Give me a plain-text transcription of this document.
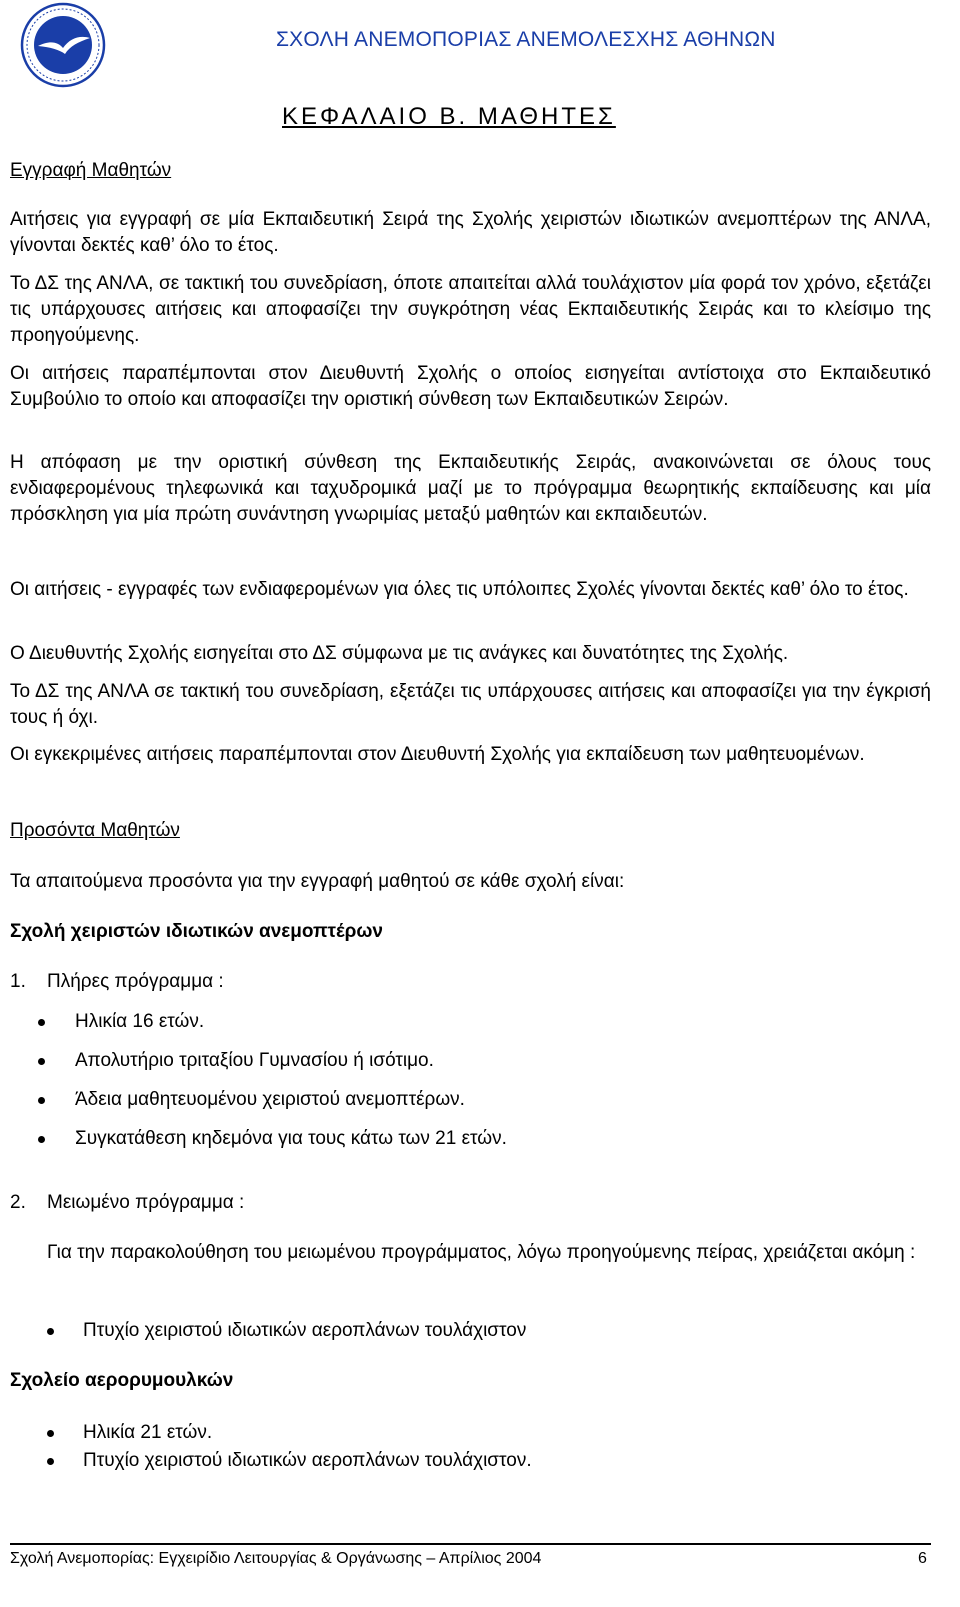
ΣΧΟΛΗ ΑΝΕΜΟΠΟΡΙΑΣ ΑΝΕΜΟΛΕΣΧΗΣ ΑΘΗΝΩΝ
ΚΕΦΑΛΑΙΟ Β. ΜΑΘΗΤΕΣ
Εγγραφή Μαθητών

Αιτήσεις για εγγραφή σε μία Εκπαιδευτική Σειρά της Σχολής χειριστών ιδιωτικών ανεμοπτέρων της ΑΝΛΑ, γίνονται δεκτές καθ’ όλο το έτος.

Το ΔΣ της ΑΝΛΑ, σε τακτική του συνεδρίαση, όποτε απαιτείται αλλά τουλάχιστον μία φορά τον χρόνο, εξετάζει τις υπάρχουσες αιτήσεις και αποφασίζει την συγκρότηση νέας Εκπαιδευτικής Σειράς και το κλείσιμο της προηγούμενης.

Οι αιτήσεις παραπέμπονται στον Διευθυντή Σχολής ο οποίος εισηγείται αντίστοιχα στο Εκπαιδευτικό Συμβούλιο το οποίο και αποφασίζει την οριστική σύνθεση των Εκπαιδευτικών Σειρών.

Η απόφαση με την οριστική σύνθεση της Εκπαιδευτικής Σειράς, ανακοινώνεται σε όλους τους ενδιαφερομένους τηλεφωνικά και ταχυδρομικά μαζί με το πρόγραμμα θεωρητικής εκπαίδευσης και μία πρόσκληση για μία πρώτη συνάντηση γνωριμίας μεταξύ μαθητών και εκπαιδευτών.

Οι αιτήσεις - εγγραφές των ενδιαφερομένων για όλες τις υπόλοιπες Σχολές γίνονται δεκτές καθ’ όλο το έτος.

Ο Διευθυντής Σχολής εισηγείται στο ΔΣ σύμφωνα με τις ανάγκες και δυνατότητες της Σχολής.

Το ΔΣ της ΑΝΛΑ σε τακτική του συνεδρίαση, εξετάζει τις υπάρχουσες αιτήσεις και αποφασίζει για την έγκρισή τους ή όχι.

Οι εγκεκριμένες αιτήσεις παραπέμπονται στον Διευθυντή Σχολής για εκπαίδευση των μαθητευομένων.

Προσόντα Μαθητών

Τα απαιτούμενα προσόντα για την εγγραφή μαθητού σε κάθε σχολή είναι:

Σχολή χειριστών ιδιωτικών ανεμοπτέρων
1. Πλήρες πρόγραμμα :
Ηλικία 16 ετών.
Απολυτήριο τριταξίου Γυμνασίου ή ισότιμο.
Άδεια μαθητευομένου χειριστού ανεμοπτέρων.
Συγκατάθεση κηδεμόνα για τους κάτω των 21 ετών.
2. Μειωμένο πρόγραμμα :

Για την παρακολούθηση του μειωμένου προγράμματος, λόγω προηγούμενης πείρας, χρειάζεται ακόμη :

Πτυχίο χειριστού ιδιωτικών αεροπλάνων τουλάχιστον
Σχολείο αερορυμουλκών
Ηλικία 21 ετών.
Πτυχίο χειριστού ιδιωτικών αεροπλάνων τουλάχιστον.
Σχολή Ανεμοπορίας: Εγχειρίδιο Λειτουργίας & Οργάνωσης – Απρίλιος 2004	6
